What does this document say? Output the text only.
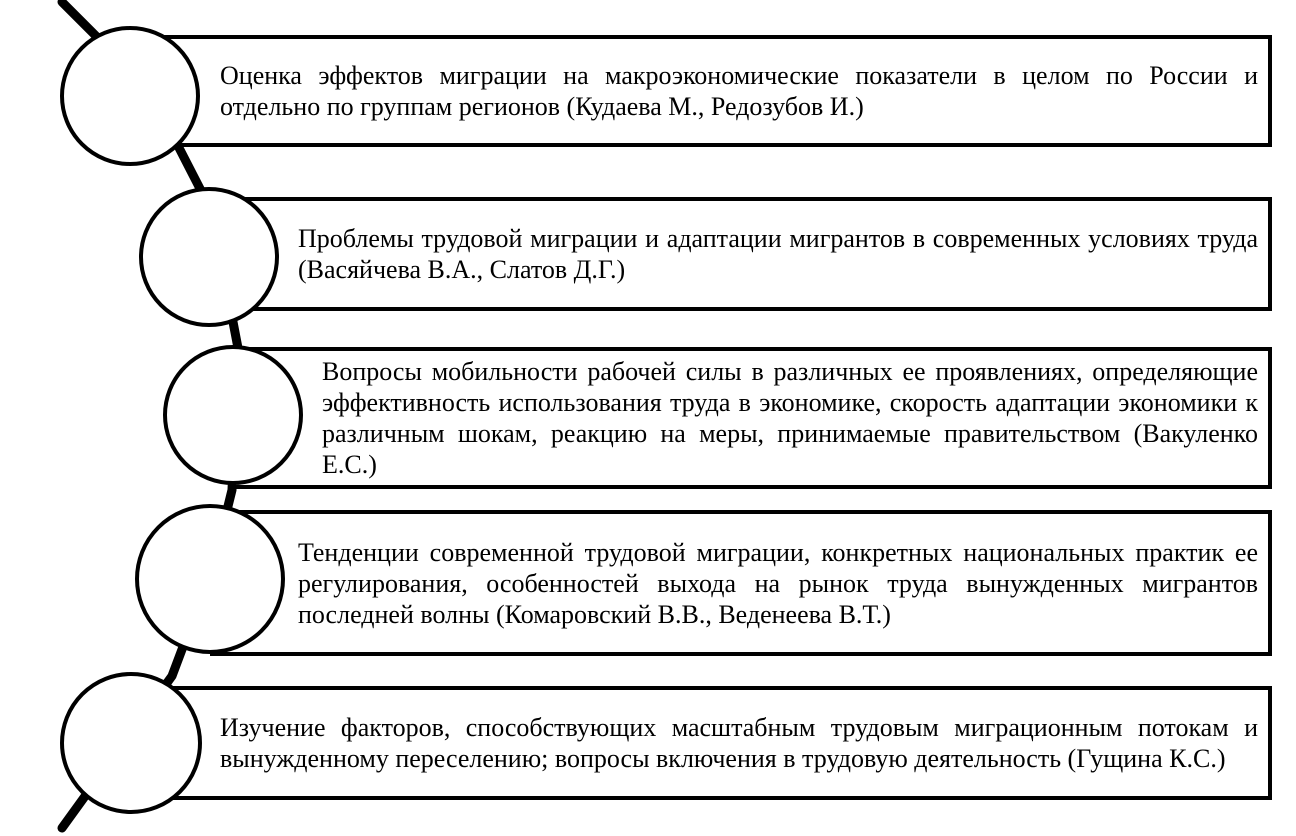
Оценка эффектов миграции на макроэкономические показатели в целом по России и отдельно по группам регионов (Кудаева М., Редозубов И.)
Проблемы трудовой миграции и адаптации мигрантов в современных условиях труда (Васяйчева В.А., Слатов Д.Г.)
Вопросы мобильности рабочей силы в различных ее проявлениях, определяющие эффективность использования труда в экономике, скорость адаптации экономики к различным шокам, реакцию на меры, принимаемые правительством (Вакуленко Е.С.)
Тенденции современной трудовой миграции, конкретных национальных практик ее регулирования, особенностей выхода на рынок труда вынужденных мигрантов последней волны (Комаровский В.В., Веденеева В.Т.)
Изучение факторов, способствующих масштабным трудовым миграционным потокам и вынужденному переселению; вопросы включения в трудовую деятельность (Гущина К.С.)
